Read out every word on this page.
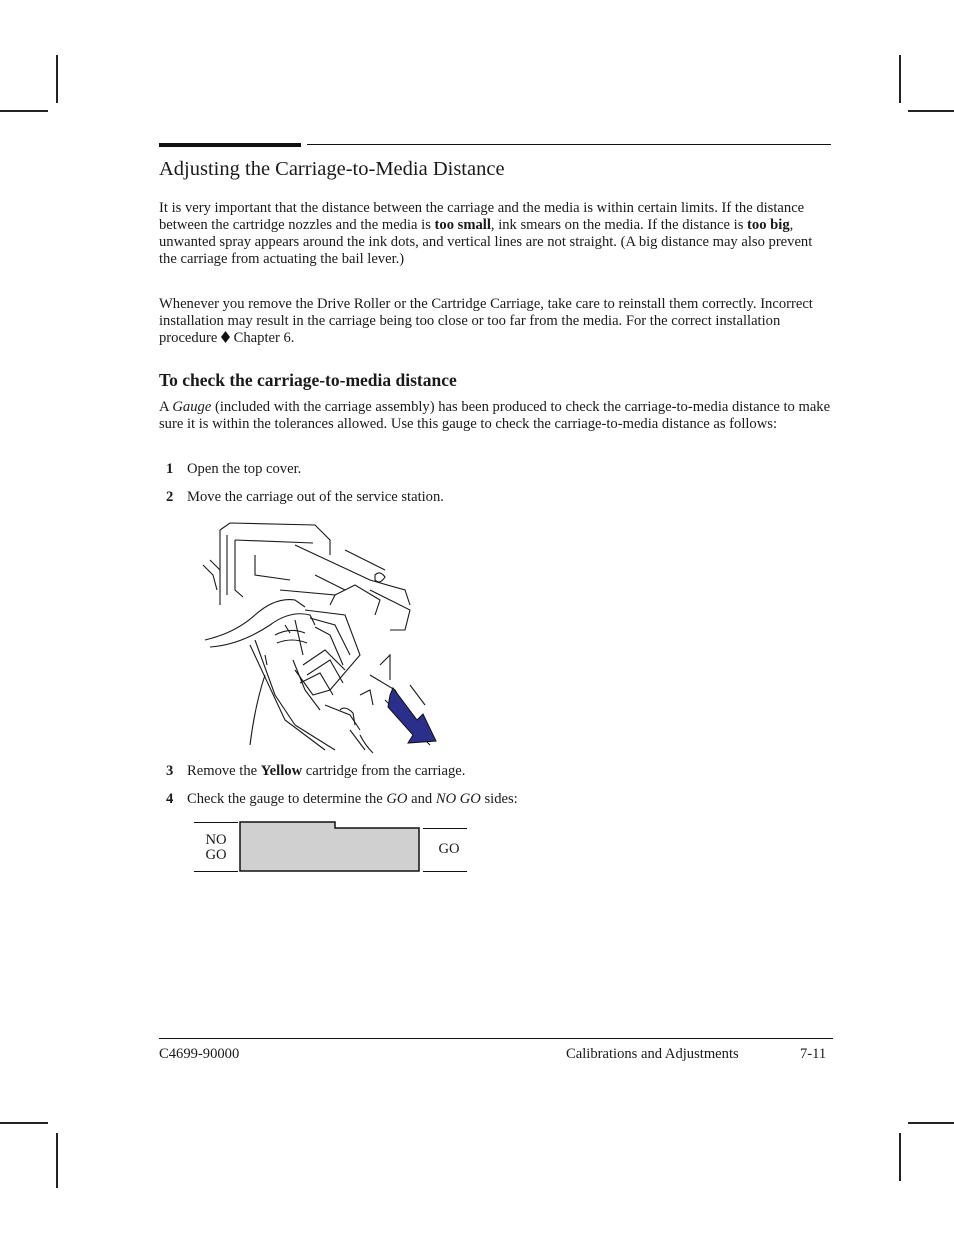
Adjusting the Carriage-to-Media Distance

It is very important that the distance between the carriage and the media is within certain limits. If the distance between the cartridge nozzles and the media is too small, ink smears on the media. If the distance is too big, unwanted spray appears around the ink dots, and vertical lines are not straight. (A big distance may also prevent the carriage from actuating the bail lever.)

Whenever you remove the Drive Roller or the Cartridge Carriage, take care to reinstall them correctly. Incorrect installation may result in the carriage being too close or too far from the media. For the correct installation procedure  Chapter 6.

To check the carriage-to-media distance

A Gauge (included with the carriage assembly) has been produced to check the carriage-to-media distance to make sure it is within the tolerances allowed. Use this gauge to check the carriage-to-media distance as follows:

1 Open the top cover.
2 Move the carriage out of the service station.
3 Remove the Yellow cartridge from the carriage.
4 Check the gauge to determine the GO and NO GO sides:
NO
GO	GO
C4699-90000	Calibrations and Adjustments	7-11
